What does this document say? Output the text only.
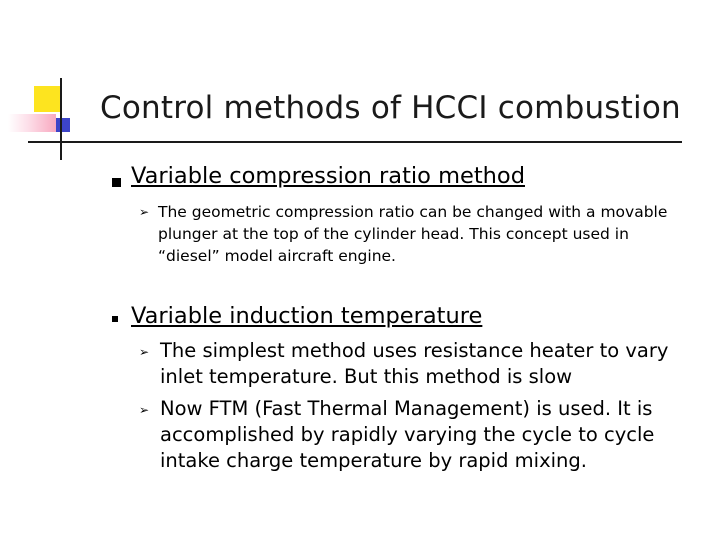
Control methods of HCCI combustion
Variable compression ratio method
➢ The geometric compression ratio can be changed with a movable plunger at the top of the cylinder head. This concept used in “diesel” model aircraft engine.
Variable induction temperature
➢ The simplest method uses resistance heater to vary inlet temperature. But this method is slow
➢ Now FTM (Fast Thermal Management) is used. It is accomplished by rapidly varying the cycle to cycle intake charge temperature by rapid mixing.
